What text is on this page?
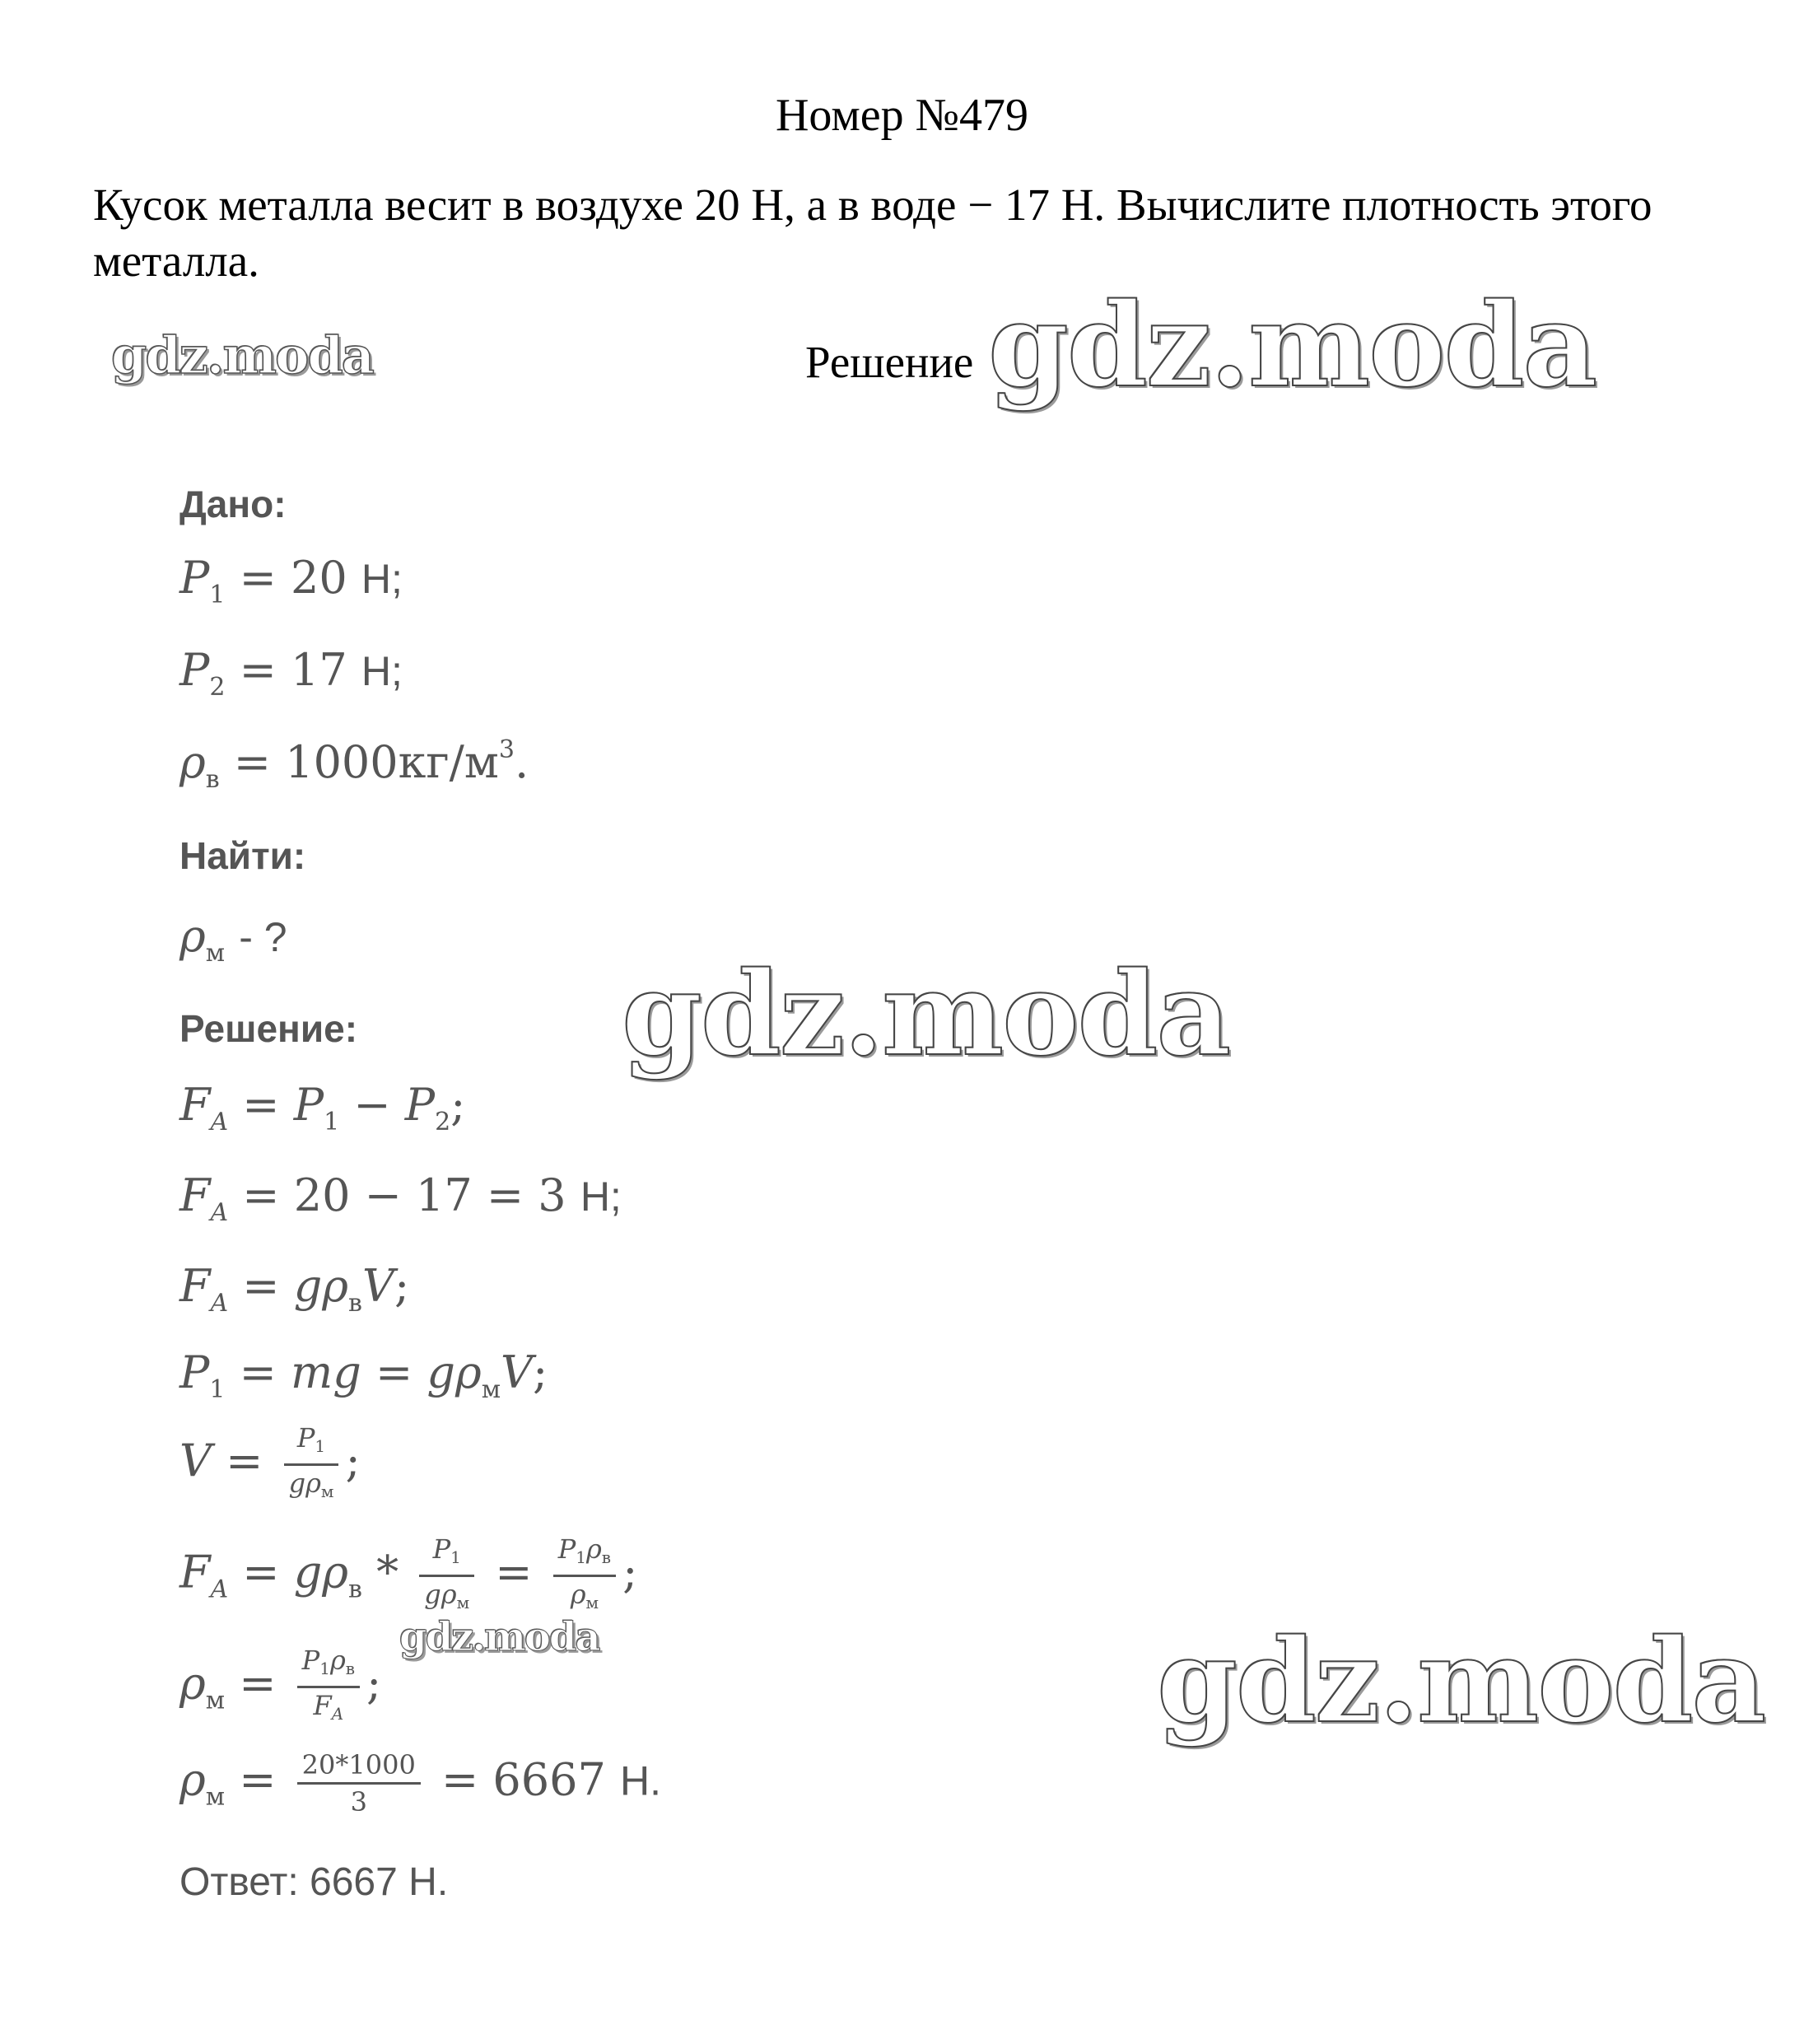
Номер №479
Кусок металла весит в воздухе 20 Н, а в воде − 17 Н. Вычислите плотность этого металла.
Решение
gdz.moda	gdz.moda
gdz.moda
gdz.moda	gdz.moda
Дано:
$P_1 = 20$ Н;
$P_2 = 17$ Н;
$\rho_в = 1000кг/м^3$.
Найти:
$\rho_м$ - ?
Решение:
$F_A = P_1 - P_2$;
$F_A = 20 - 17 = 3$ Н;
$F_A = g\rho_вV$;
$P_1$ = mg = $g\rho_мV$;
$V = \frac{P_1}{g\rho_м}$ ;
$F_A = g\rho_в * \frac{P_1}{g\rho_м} = \frac{P_1\rho_в}{\rho_м}$ ;
$\rho_м = \frac{P_1\rho_в}{F_A}$ ;
$\rho_м = \frac{20*1000}{3} = 6667$ Н.
Ответ: 6667 Н.
